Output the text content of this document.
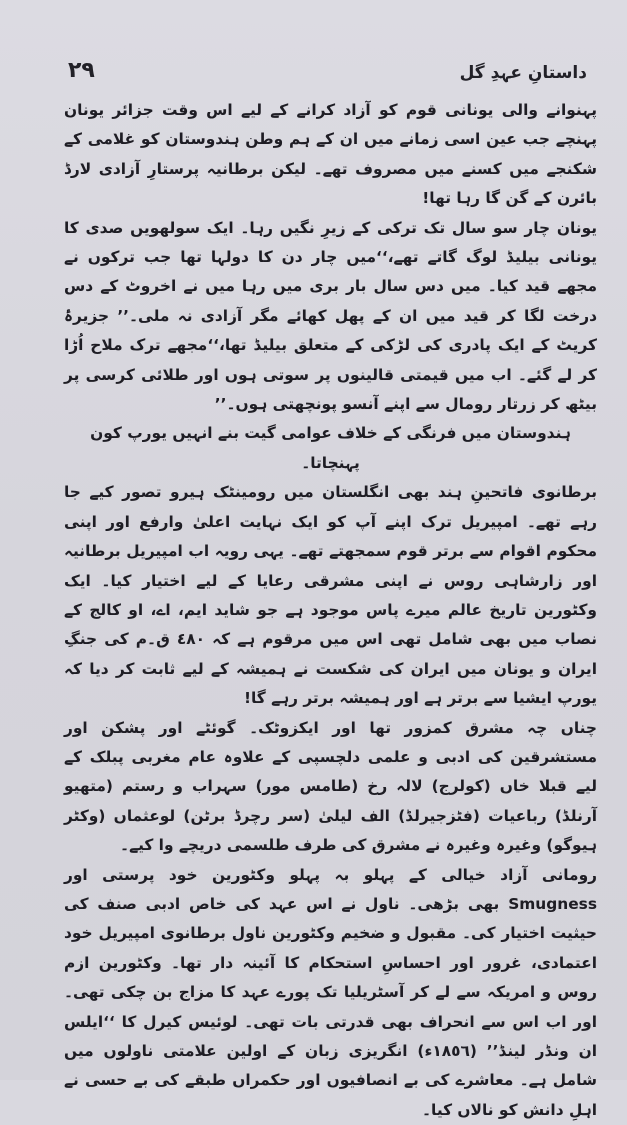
٢٩	داستانِ عہدِ گل

پہنوانے والی یونانی قوم کو آزاد کرانے کے لیے اس وقت جزائر یونان پہنچے جب عین اسی زمانے میں ان کے ہم وطن ہندوستان کو غلامی کے شکنجے میں کسنے میں مصروف تھے۔ لیکن برطانیہ پرستارِ آزادی لارڈ بائرن کے گن گا رہا تھا!

یونان چار سو سال تک ترکی کے زیرِ نگیں رہا۔ ایک سولھویں صدی کا یونانی بیلیڈ لوگ گاتے تھے،‘‘میں چار دن کا دولہا تھا جب ترکوں نے مجھے قید کیا۔ میں دس سال بار بری میں رہا میں نے اخروٹ کے دس درخت لگا کر قید میں ان کے پھل کھائے مگر آزادی نہ ملی۔’’ جزیرۂ کریٹ کے ایک پادری کی لڑکی کے متعلق بیلیڈ تھا،‘‘مجھے ترک ملاح اُڑا کر لے گئے۔ اب میں قیمتی قالینوں پر سوتی ہوں اور طلائی کرسی پر بیٹھ کر زرتار رومال سے اپنے آنسو پونچھتی ہوں۔’’

ہندوستان میں فرنگی کے خلاف عوامی گیت بنے انہیں یورپ کون پہنچاتا۔

برطانوی فاتحینِ ہند بھی انگلستان میں رومینٹک ہیرو تصور کیے جا رہے تھے۔ امپیریل ترک اپنے آپ کو ایک نہایت اعلیٰ وارفع اور اپنی محکوم اقوام سے برتر قوم سمجھتے تھے۔ یہی رویہ اب امپیریل برطانیہ اور زارشاہی روس نے اپنی مشرقی رعایا کے لیے اختیار کیا۔ ایک وکٹورین تاریخ عالم میرے پاس موجود ہے جو شاید ایم، اے، او کالج کے نصاب میں بھی شامل تھی اس میں مرقوم ہے کہ ٤٨٠ ق۔م کی جنگِ ایران و یونان میں ایران کی شکست نے ہمیشہ کے لیے ثابت کر دیا کہ یورپ ایشیا سے برتر ہے اور ہمیشہ برتر رہے گا!

چناں چہ مشرق کمزور تھا اور ایکزوٹک۔ گوئٹے اور پشکن اور مستشرقین کی ادبی و علمی دلچسپی کے علاوہ عام مغربی پبلک کے لیے قبلا خاں (کولرج) لالہ رخ (طامس مور) سہراب و رستم (متھیو آرنلڈ) رباعیات (فٹزجیرلڈ) الف لیلیٰ (سر رچرڈ برٹن) لوعثماں (وکٹر ہیوگو) وغیرہ وغیرہ نے مشرق کی طرف طلسمی دریچے وا کیے۔

رومانی آزاد خیالی کے پہلو بہ پہلو وکٹورین خود پرستی اور Smugness بھی بڑھی۔ ناول نے اس عہد کی خاص ادبی صنف کی حیثیت اختیار کی۔ مقبول و ضخیم وکٹورین ناول برطانوی امپیریل خود اعتمادی، غرور اور احساسِ استحکام کا آئینہ دار تھا۔ وکٹورین ازم روس و امریکہ سے لے کر آسٹریلیا تک پورے عہد کا مزاج بن چکی تھی۔ اور اب اس سے انحراف بھی قدرتی بات تھی۔ لوئیس کیرل کا ‘‘ایلس ان ونڈر لینڈ’’ (١٨٥٦ء) انگریزی زبان کے اولین علامتی ناولوں میں شامل ہے۔ معاشرے کی بے انصافیوں اور حکمراں طبقے کی بے حسی نے اہلِ دانش کو نالاں کیا۔
